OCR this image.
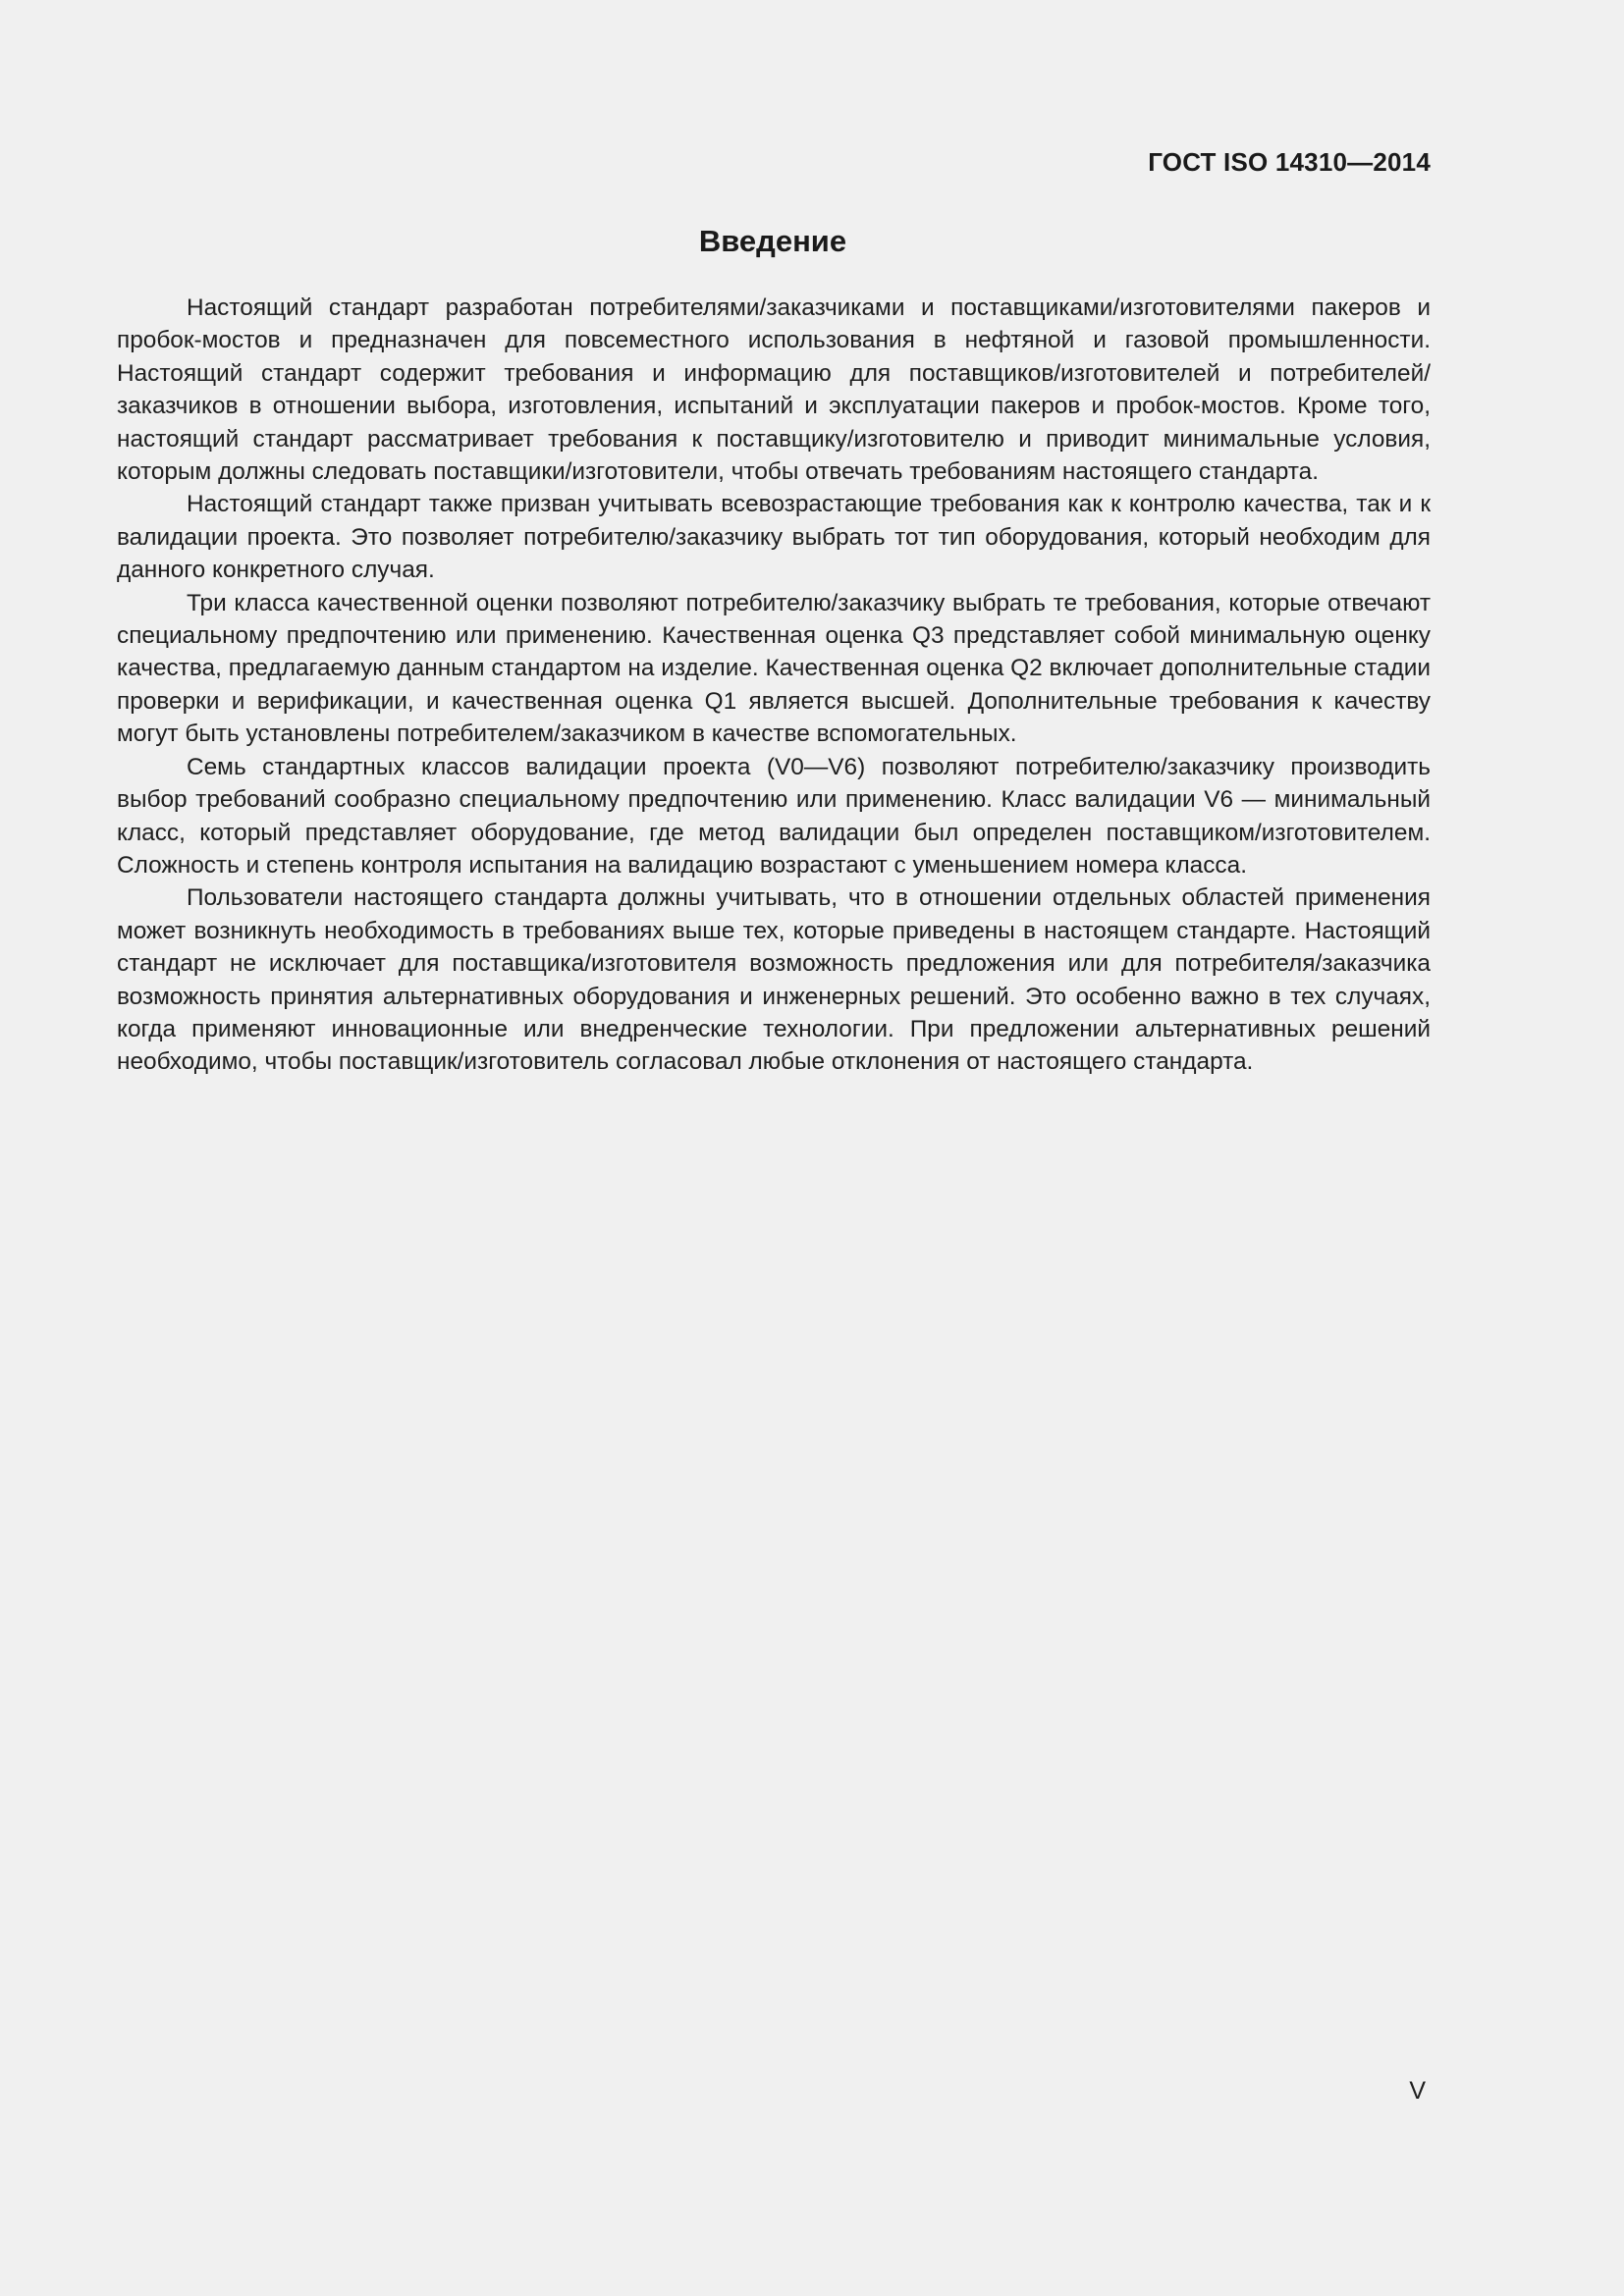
ГОСТ ISO 14310—2014
Введение

Настоящий стандарт разработан потребителями/заказчиками и поставщиками/изготовителями пакеров и пробок-мостов и предназначен для повсеместного использования в нефтяной и газовой промышленности. Настоящий стандарт содержит требования и информацию для поставщиков/изготовителей и потребителей/заказчиков в отношении выбора, изготовления, испытаний и эксплуатации пакеров и пробок-мостов. Кроме того, настоящий стандарт рассматривает требования к поставщику/изготовителю и приводит минимальные условия, которым должны следовать поставщики/изготовители, чтобы отвечать требованиям настоящего стандарта.

Настоящий стандарт также призван учитывать всевозрастающие требования как к контролю качества, так и к валидации проекта. Это позволяет потребителю/заказчику выбрать тот тип оборудования, который необходим для данного конкретного случая.

Три класса качественной оценки позволяют потребителю/заказчику выбрать те требования, которые отвечают специальному предпочтению или применению. Качественная оценка Q3 представляет собой минимальную оценку качества, предлагаемую данным стандартом на изделие. Качественная оценка Q2 включает дополнительные стадии проверки и верификации, и качественная оценка Q1 является высшей. Дополнительные требования к качеству могут быть установлены потребителем/заказчиком в качестве вспомогательных.

Семь стандартных классов валидации проекта (V0—V6) позволяют потребителю/заказчику производить выбор требований сообразно специальному предпочтению или применению. Класс валидации V6 — минимальный класс, который представляет оборудование, где метод валидации был определен поставщиком/изготовителем. Сложность и степень контроля испытания на валидацию возрастают с уменьшением номера класса.

Пользователи настоящего стандарта должны учитывать, что в отношении отдельных областей применения может возникнуть необходимость в требованиях выше тех, которые приведены в настоящем стандарте. Настоящий стандарт не исключает для поставщика/изготовителя возможность предложения или для потребителя/заказчика возможность принятия альтернативных оборудования и инженерных решений. Это особенно важно в тех случаях, когда применяют инновационные или внедренческие технологии. При предложении альтернативных решений необходимо, чтобы поставщик/изготовитель согласовал любые отклонения от настоящего стандарта.

V
